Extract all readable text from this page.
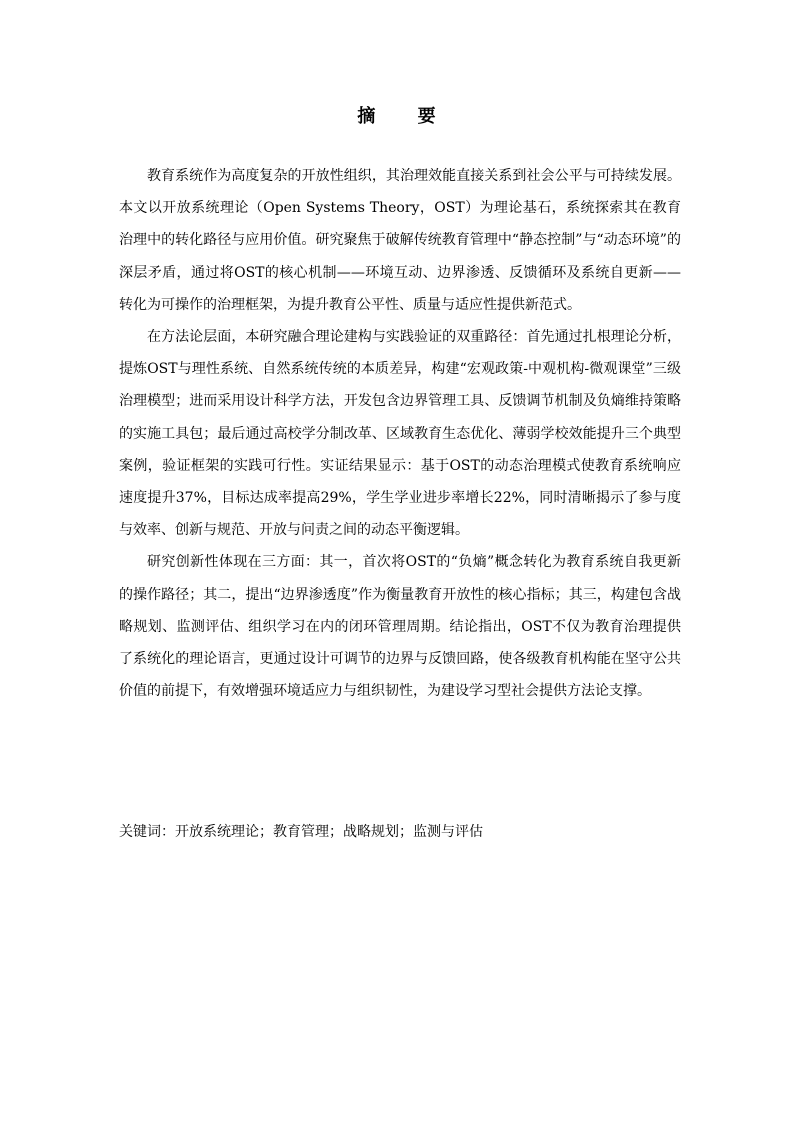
摘 要

教育系统作为高度复杂的开放性组织，其治理效能直接关系到社会公平与可持续发展。本文以开放系统理论（Open Systems Theory，OST）为理论基石，系统探索其在教育治理中的转化路径与应用价值。研究聚焦于破解传统教育管理中“静态控制”与“动态环境”的深层矛盾，通过将OST的核心机制——环境互动、边界渗透、反馈循环及系统自更新——转化为可操作的治理框架，为提升教育公平性、质量与适应性提供新范式。

在方法论层面，本研究融合理论建构与实践验证的双重路径：首先通过扎根理论分析，提炼OST与理性系统、自然系统传统的本质差异，构建“宏观政策-中观机构-微观课堂”三级治理模型；进而采用设计科学方法，开发包含边界管理工具、反馈调节机制及负熵维持策略的实施工具包；最后通过高校学分制改革、区域教育生态优化、薄弱学校效能提升三个典型案例，验证框架的实践可行性。实证结果显示：基于OST的动态治理模式使教育系统响应速度提升37%，目标达成率提高29%，学生学业进步率增长22%，同时清晰揭示了参与度与效率、创新与规范、开放与问责之间的动态平衡逻辑。

研究创新性体现在三方面：其一，首次将OST的“负熵”概念转化为教育系统自我更新的操作路径；其二，提出“边界渗透度”作为衡量教育开放性的核心指标；其三，构建包含战略规划、监测评估、组织学习在内的闭环管理周期。结论指出，OST不仅为教育治理提供了系统化的理论语言，更通过设计可调节的边界与反馈回路，使各级教育机构能在坚守公共价值的前提下，有效增强环境适应力与组织韧性，为建设学习型社会提供方法论支撑。

关键词：开放系统理论；教育管理；战略规划；监测与评估
